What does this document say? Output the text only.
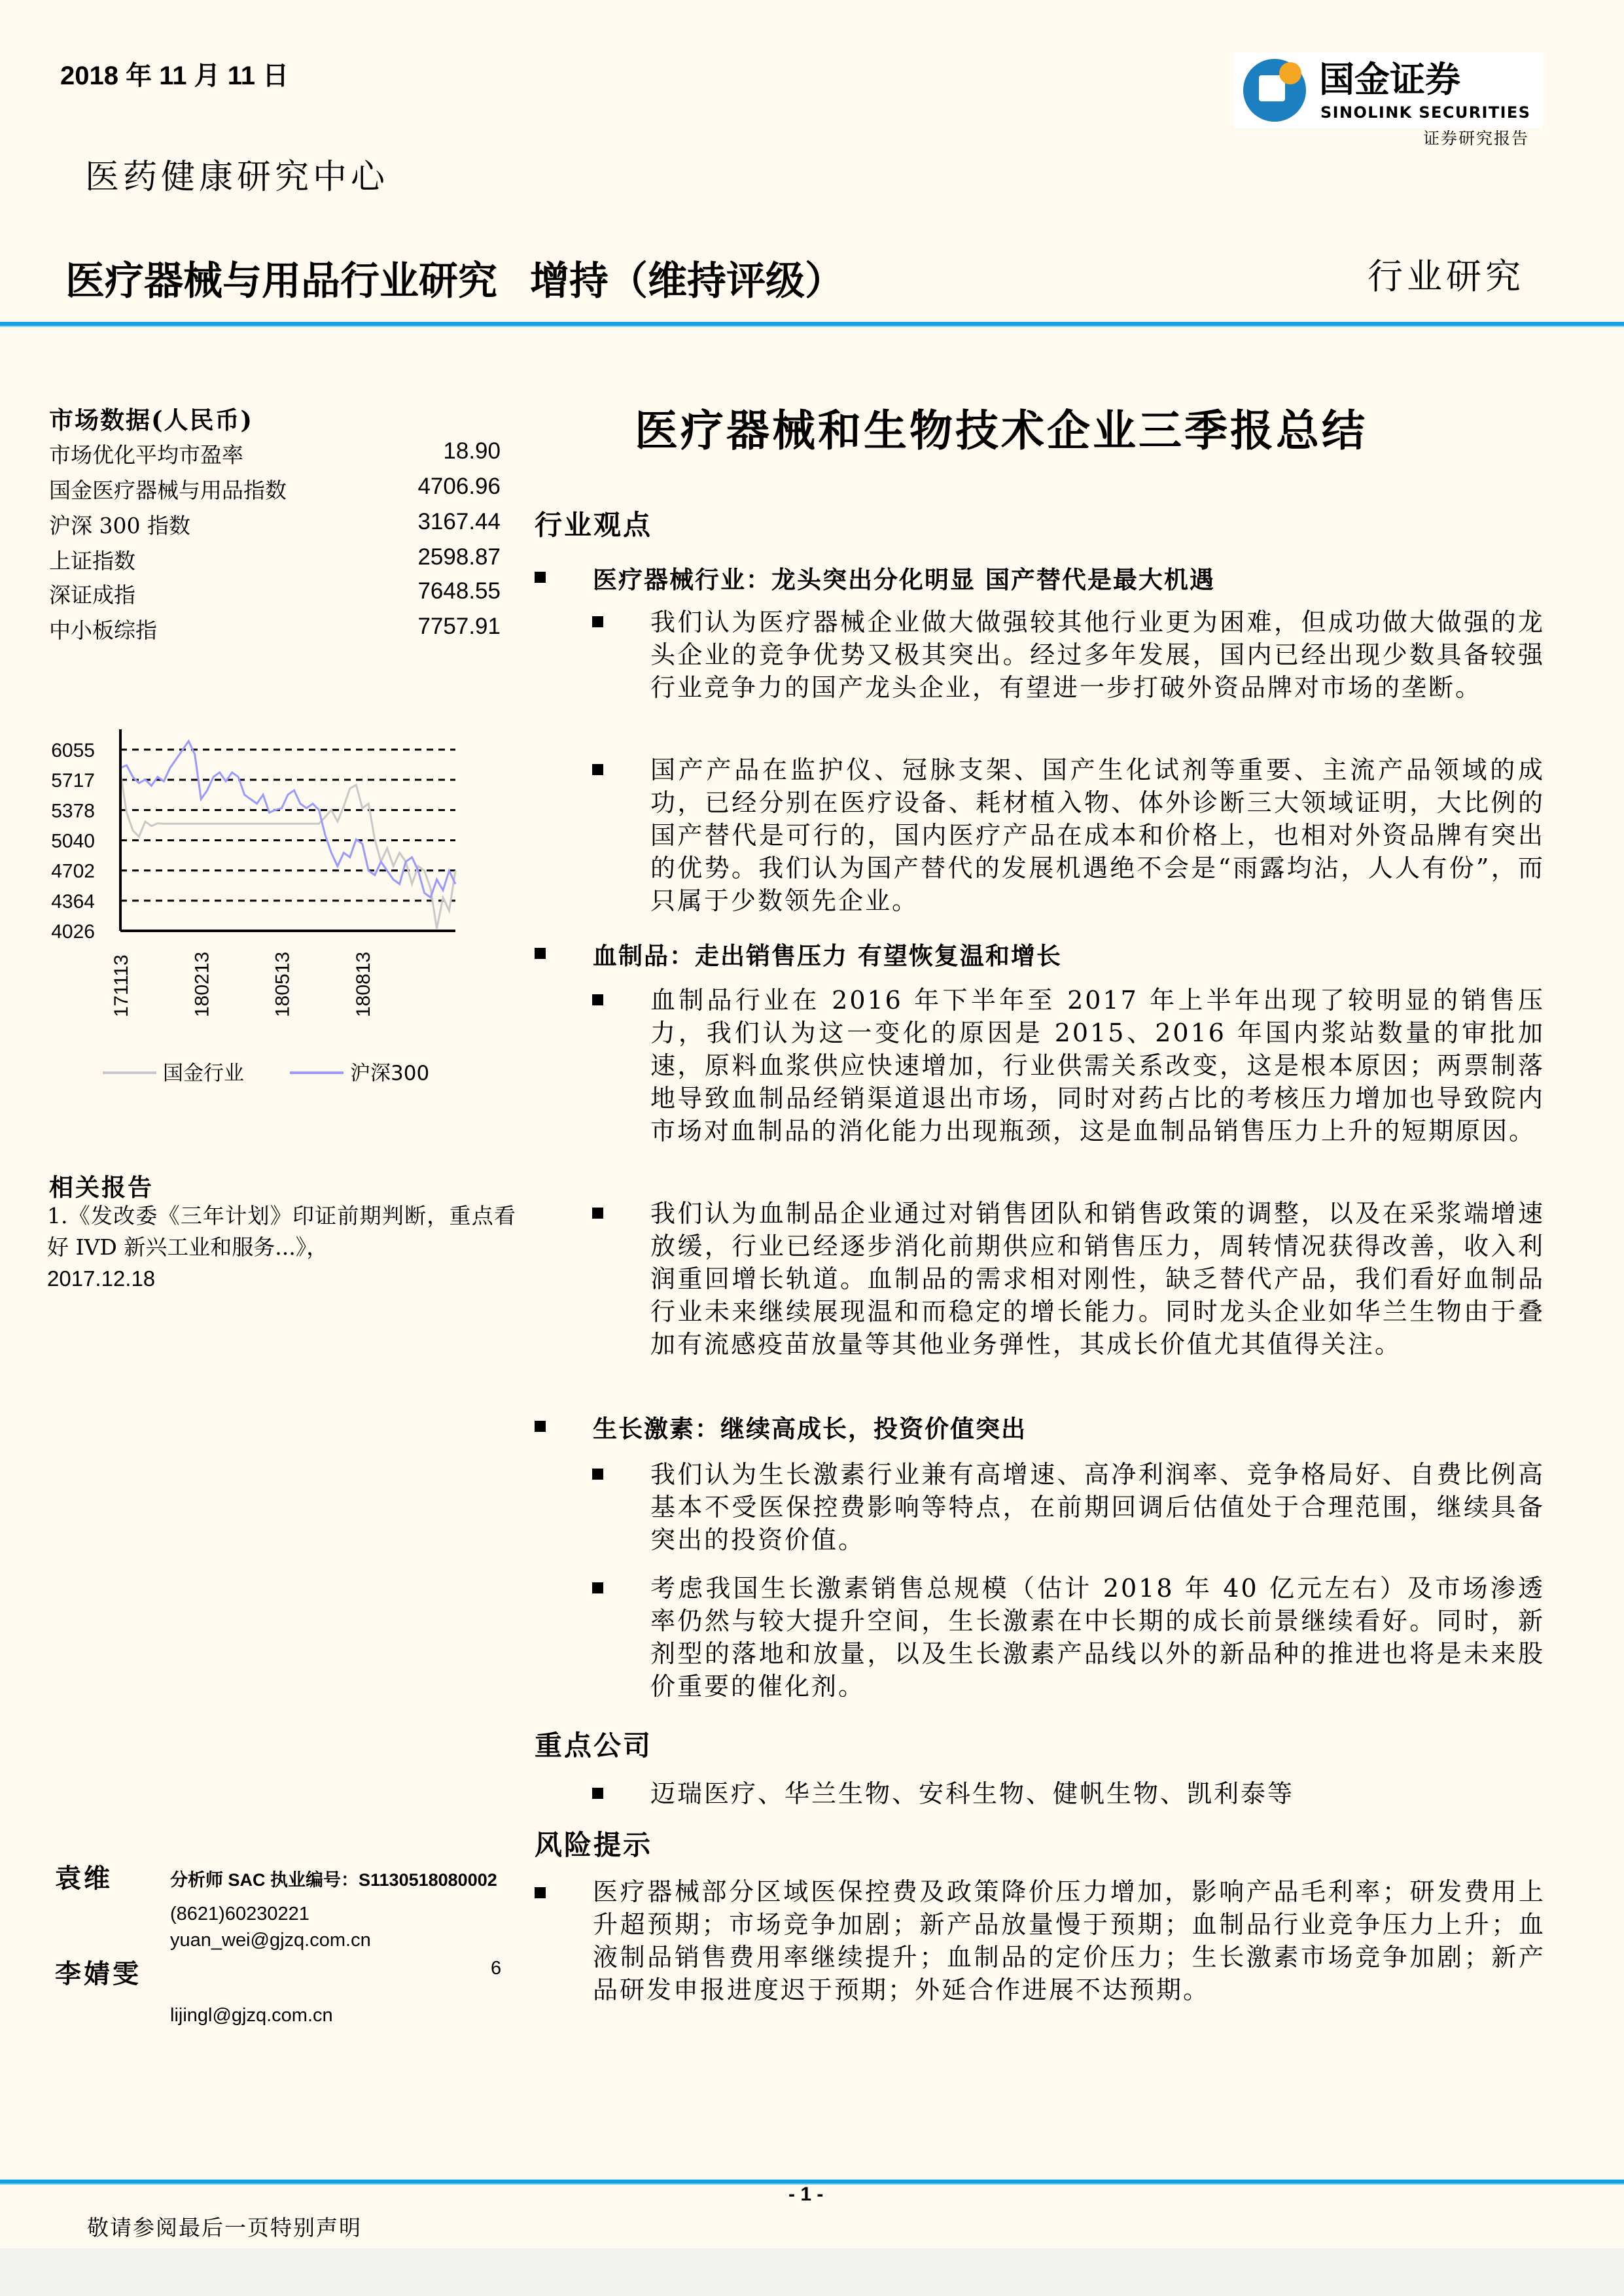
2018 年 11 月 11 日
医药健康研究中心
医疗器械与用品行业研究 增持（维持评级）	行业研究
国金证券
SINOLINK SECURITIES
证券研究报告
市场数据(人民币)
市场优化平均市盈率	18.90
国金医疗器械与用品指数	4706.96
沪深 300 指数	3167.44
上证指数	2598.87
深证成指	7648.55
中小板综指	7757.91
6055
5717
5378
5040
4702
4364
4026
171113	180213	180513	180813
国金行业	沪深300
相关报告
1.《发改委《三年计划》印证前期判断，重点看好 IVD 新兴工业和服务...》，
2017.12.18
袁维	分析师 SAC 执业编号：S1130518080002
(8621)60230221
yuan_wei@gjzq.com.cn
李婧雯	6
lijingl@gjzq.com.cn
医疗器械和生物技术企业三季报总结
行业观点
医疗器械行业：龙头突出分化明显 国产替代是最大机遇
我们认为医疗器械企业做大做强较其他行业更为困难，但成功做大做强的龙头企业的竞争优势又极其突出。经过多年发展，国内已经出现少数具备较强行业竞争力的国产龙头企业，有望进一步打破外资品牌对市场的垄断。
国产产品在监护仪、冠脉支架、国产生化试剂等重要、主流产品领域的成功，已经分别在医疗设备、耗材植入物、体外诊断三大领域证明，大比例的国产替代是可行的，国内医疗产品在成本和价格上，也相对外资品牌有突出的优势。我们认为国产替代的发展机遇绝不会是“雨露均沾，人人有份”，而只属于少数领先企业。
血制品：走出销售压力 有望恢复温和增长
血制品行业在 2016 年下半年至 2017 年上半年出现了较明显的销售压力，我们认为这一变化的原因是 2015、2016 年国内浆站数量的审批加速，原料血浆供应快速增加，行业供需关系改变，这是根本原因；两票制落地导致血制品经销渠道退出市场，同时对药占比的考核压力增加也导致院内市场对血制品的消化能力出现瓶颈，这是血制品销售压力上升的短期原因。
我们认为血制品企业通过对销售团队和销售政策的调整，以及在采浆端增速放缓，行业已经逐步消化前期供应和销售压力，周转情况获得改善，收入利润重回增长轨道。血制品的需求相对刚性，缺乏替代产品，我们看好血制品行业未来继续展现温和而稳定的增长能力。同时龙头企业如华兰生物由于叠加有流感疫苗放量等其他业务弹性，其成长价值尤其值得关注。
生长激素：继续高成长，投资价值突出
我们认为生长激素行业兼有高增速、高净利润率、竞争格局好、自费比例高基本不受医保控费影响等特点，在前期回调后估值处于合理范围，继续具备突出的投资价值。
考虑我国生长激素销售总规模（估计 2018 年 40 亿元左右）及市场渗透率仍然与较大提升空间，生长激素在中长期的成长前景继续看好。同时，新剂型的落地和放量，以及生长激素产品线以外的新品种的推进也将是未来股价重要的催化剂。
重点公司
迈瑞医疗、华兰生物、安科生物、健帆生物、凯利泰等
风险提示
医疗器械部分区域医保控费及政策降价压力增加，影响产品毛利率；研发费用上升超预期；市场竞争加剧；新产品放量慢于预期；血制品行业竞争压力上升；血液制品销售费用率继续提升；血制品的定价压力；生长激素市场竞争加剧；新产品研发申报进度迟于预期；外延合作进展不达预期。
- 1 -
敬请参阅最后一页特别声明
